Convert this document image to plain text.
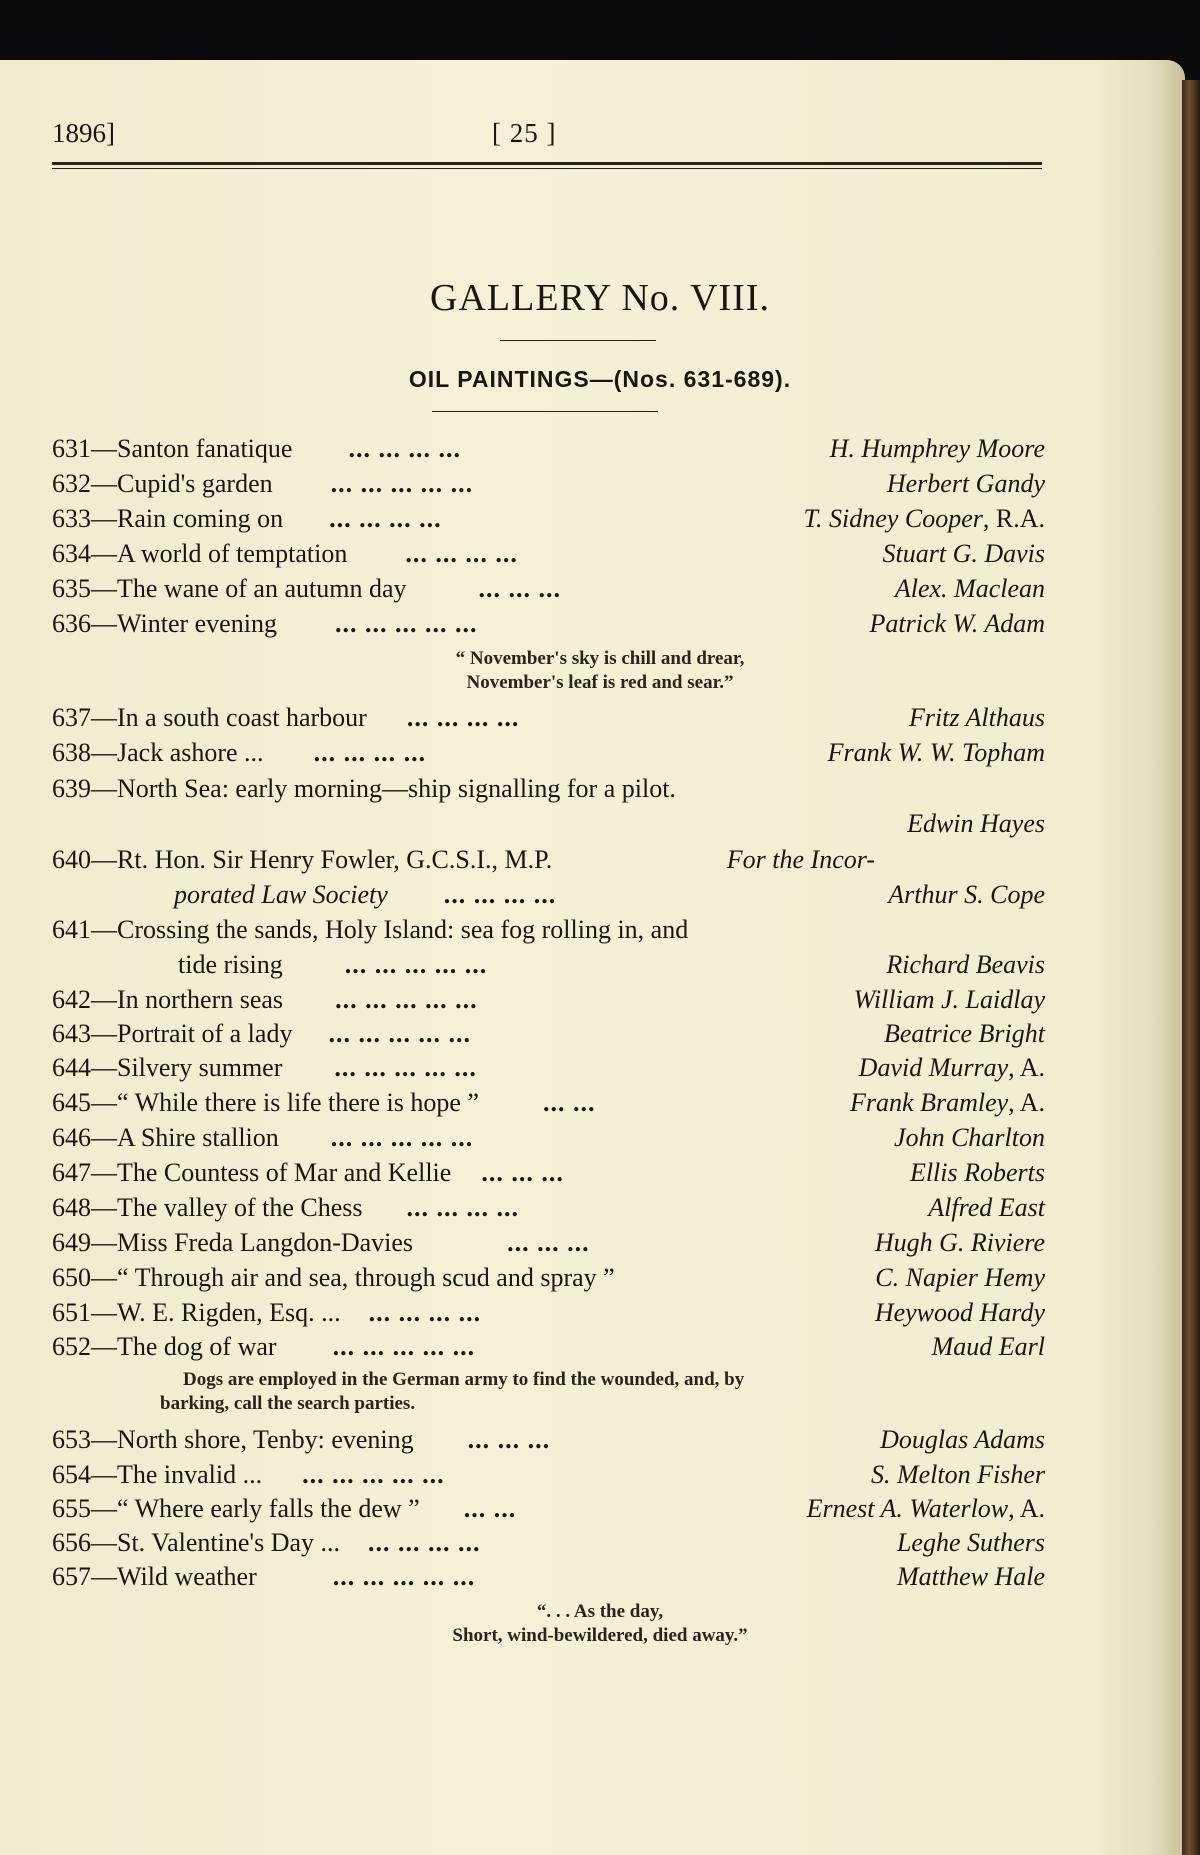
1896]	[ 25 ]
GALLERY No. VIII.
OIL PAINTINGS—(Nos. 631-689).
631—Santon fanatique ... ... ... ...	H. Humphrey Moore
632—Cupid's garden ... ... ... ... ...	Herbert Gandy
633—Rain coming on ... ... ... ...	T. Sidney Cooper, R.A.
634—A world of temptation ... ... ... ...	Stuart G. Davis
635—The wane of an autumn day	... ... ...	Alex. Maclean
636—Winter evening ... ... ... ... ...	Patrick W. Adam
“ November's sky is chill and drear,
November's leaf is red and sear.”
637—In a south coast harbour ... ... ... ...	Fritz Althaus
638—Jack ashore ... ... ... ... ...	Frank W. W. Topham
639—North Sea: early morning—ship signalling for a pilot.
Edwin Hayes
640—Rt. Hon. Sir Henry Fowler, G.C.S.I., M.P.	For the Incor-
porated Law Society ... ... ... ...	Arthur S. Cope
641—Crossing the sands, Holy Island: sea fog rolling in, and
tide rising ... ... ... ... ...	Richard Beavis
642—In northern seas ... ... ... ... ...	William J. Laidlay
643—Portrait of a lady ... ... ... ... ...	Beatrice Bright
644—Silvery summer ... ... ... ... ...	David Murray, A.
645—“ While there is life there is hope ” ... ...	Frank Bramley, A.
646—A Shire stallion ... ... ... ... ...	John Charlton
647—The Countess of Mar and Kellie ... ... ...	Ellis Roberts
648—The valley of the Chess ... ... ... ...	Alfred East
649—Miss Freda Langdon-Davies	... ... ...	Hugh G. Riviere
650—“ Through air and sea, through scud and spray ”	C. Napier Hemy
651—W. E. Rigden, Esq. ... ... ... ... ...	Heywood Hardy
652—The dog of war ... ... ... ... ...	Maud Earl
Dogs are employed in the German army to find the wounded, and, by
barking, call the search parties.
653—North shore, Tenby: evening ... ... ...	Douglas Adams
654—The invalid ... ... ... ... ... ...	S. Melton Fisher
655—“ Where early falls the dew ” ... ...	Ernest A. Waterlow, A.
656—St. Valentine's Day ... ... ... ... ...	Leghe Suthers
657—Wild weather	... ... ... ... ...	Matthew Hale
“. . . As the day,
Short, wind-bewildered, died away.”
